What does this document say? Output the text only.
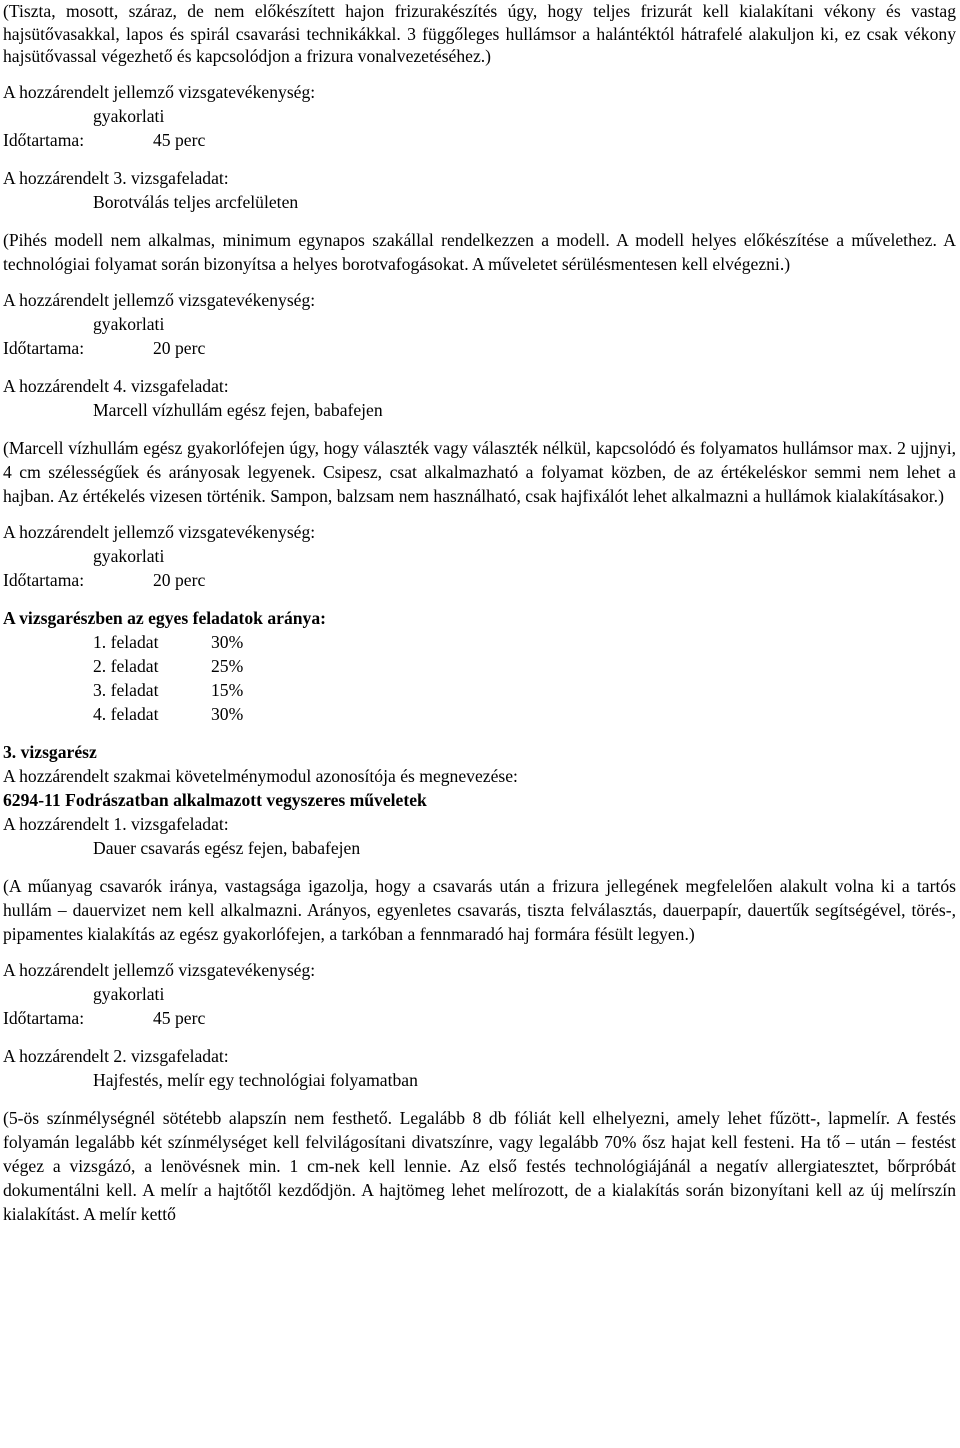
(Tiszta, mosott, száraz, de nem előkészített hajon frizurakészítés úgy, hogy teljes frizurát kell kialakítani vékony és vastag hajsütővasakkal, lapos és spirál csavarási technikákkal. 3 függőleges hullámsor a halántéktól hátrafelé alakuljon ki, ez csak vékony hajsütővassal végezhető és kapcsolódjon a frizura vonalvezetéséhez.)

A hozzárendelt jellemző vizsgatevékenység:
gyakorlati
Időtartama:	45 perc
A hozzárendelt 3. vizsgafeladat:
Borotválás teljes arcfelületen

(Pihés modell nem alkalmas, minimum egynapos szakállal rendelkezzen a modell. A modell helyes előkészítése a művelethez. A technológiai folyamat során bizonyítsa a helyes borotvafogásokat. A műveletet sérülésmentesen kell elvégezni.)

A hozzárendelt jellemző vizsgatevékenység:
gyakorlati
Időtartama:	20 perc
A hozzárendelt 4. vizsgafeladat:
Marcell vízhullám egész fejen, babafejen

(Marcell vízhullám egész gyakorlófejen úgy, hogy választék vagy választék nélkül, kapcsolódó és folyamatos hullámsor max. 2 ujjnyi, 4 cm szélességűek és arányosak legyenek. Csipesz, csat alkalmazható a folyamat közben, de az értékeléskor semmi nem lehet a hajban. Az értékelés vizesen történik. Sampon, balzsam nem használható, csak hajfixálót lehet alkalmazni a hullámok kialakításakor.)

A hozzárendelt jellemző vizsgatevékenység:
gyakorlati
Időtartama:	20 perc
A vizsgarészben az egyes feladatok aránya:
1. feladat	30%
2. feladat	25%
3. feladat	15%
4. feladat	30%
3. vizsgarész
A hozzárendelt szakmai követelménymodul azonosítója és megnevezése:
6294-11 Fodrászatban alkalmazott vegyszeres műveletek
A hozzárendelt 1. vizsgafeladat:
Dauer csavarás egész fejen, babafejen

(A műanyag csavarók iránya, vastagsága igazolja, hogy a csavarás után a frizura jellegének megfelelően alakult volna ki a tartós hullám – dauervizet nem kell alkalmazni. Arányos, egyenletes csavarás, tiszta felválasztás, dauerpapír, dauertűk segítségével, törés-, pipamentes kialakítás az egész gyakorlófejen, a tarkóban a fennmaradó haj formára fésült legyen.)

A hozzárendelt jellemző vizsgatevékenység:
gyakorlati
Időtartama:	45 perc
A hozzárendelt 2. vizsgafeladat:
Hajfestés, melír egy technológiai folyamatban

(5-ös színmélységnél sötétebb alapszín nem festhető. Legalább 8 db fóliát kell elhelyezni, amely lehet fűzött-, lapmelír. A festés folyamán legalább két színmélységet kell felvilágosítani divatszínre, vagy legalább 70% ősz hajat kell festeni. Ha tő – után – festést végez a vizsgázó, a lenövésnek min. 1 cm-nek kell lennie. Az első festés technológiájánál a negatív allergiatesztet, bőrpróbát dokumentálni kell. A melír a hajtőtől kezdődjön. A hajtömeg lehet melírozott, de a kialakítás során bizonyítani kell az új melírszín kialakítást. A melír kettő
